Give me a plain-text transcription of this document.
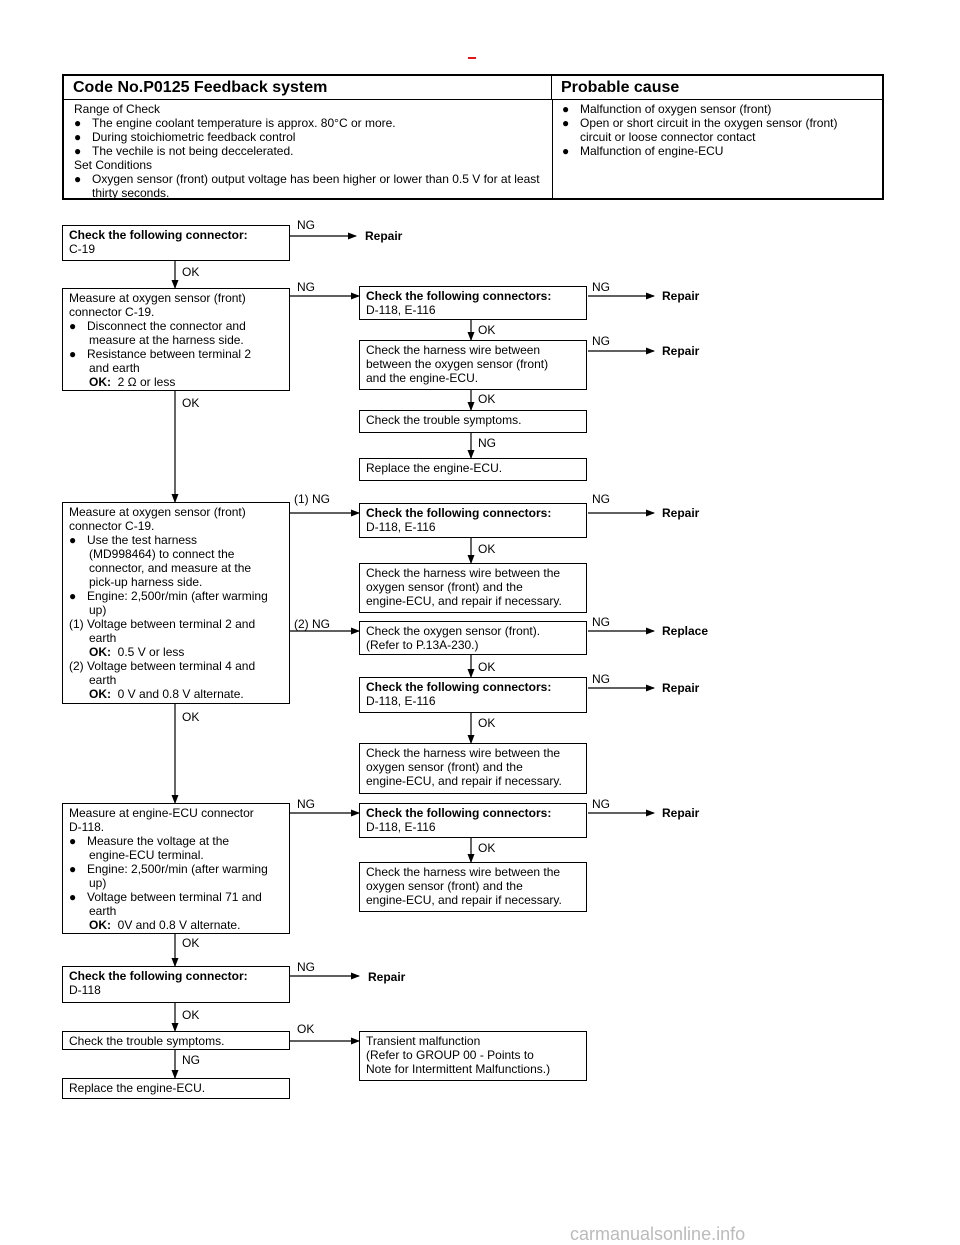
Code No.P0125 Feedback system	Probable cause
Range of Check
● The engine coolant temperature is approx. 80°C or more.
● During stoichiometric feedback control
● The vechile is not being deccelerated.
Set Conditions
● Oxygen sensor (front) output voltage has been higher or lower than 0.5 V for at least thirty seconds.
● Malfunction of oxygen sensor (front)
● Open or short circuit in the oxygen sensor (front) circuit or loose connector contact
● Malfunction of engine-ECU
Check the following connector:
C-19
Measure at oxygen sensor (front)
connector C-19.
● Disconnect the connector and
measure at the harness side.
● Resistance between terminal 2
and earth
OK: 2 Ω or less
Measure at oxygen sensor (front)
connector C-19.
● Use the test harness
(MD998464) to connect the
connector, and measure at the
pick-up harness side.
● Engine: 2,500r/min (after warming
up)
(1) Voltage between terminal 2 and
earth
OK: 0.5 V or less
(2) Voltage between terminal 4 and
earth
OK: 0 V and 0.8 V alternate.
Measure at engine-ECU connector
D-118.
● Measure the voltage at the
engine-ECU terminal.
● Engine: 2,500r/min (after warming
up)
● Voltage between terminal 71 and
earth
OK: 0V and 0.8 V alternate.
Check the following connector:
D-118
Check the trouble symptoms.
Replace the engine-ECU.
Check the following connectors:
D-118, E-116
Check the harness wire between
between the oxygen sensor (front)
and the engine-ECU.
Check the trouble symptoms.
Replace the engine-ECU.
Check the following connectors:
D-118, E-116
Check the harness wire between the
oxygen sensor (front) and the
engine-ECU, and repair if necessary.
Check the oxygen sensor (front).
(Refer to P.13A-230.)
Check the following connectors:
D-118, E-116
Check the harness wire between the
oxygen sensor (front) and the
engine-ECU, and repair if necessary.
Check the following connectors:
D-118, E-116
Check the harness wire between the
oxygen sensor (front) and the
engine-ECU, and repair if necessary.
Transient malfunction
(Refer to GROUP 00 - Points to
Note for Intermittent Malfunctions.)
NG
OK
NG
OK
(1) NG
(2) NG
OK
NG
OK
NG
OK
OK
NG
OK
OK
NG
OK
OK
OK
OK
NG
NG
NG
NG
NG
NG
Repair
Repair
Repair
Repair
Replace
Repair
Repair
Repair
carmanualsonline.info
